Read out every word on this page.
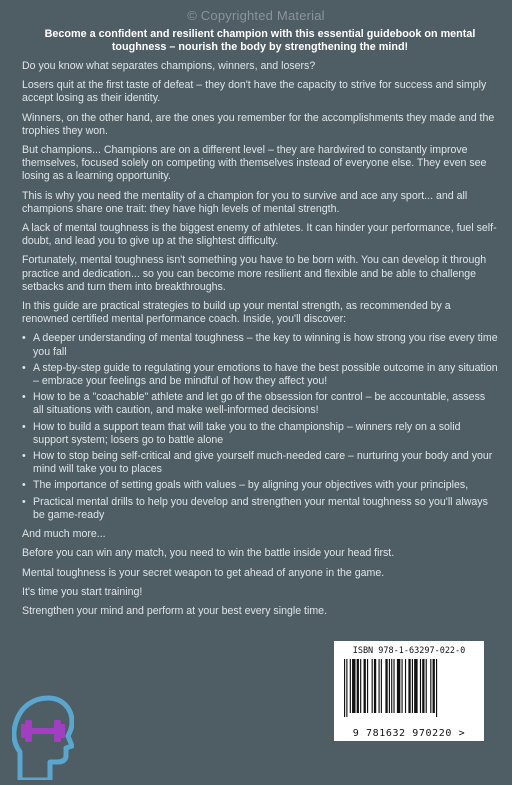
© Copyrighted Material
Become a confident and resilient champion with this essential guidebook on mental toughness – nourish the body by strengthening the mind!

Do you know what separates champions, winners, and losers?

Losers quit at the first taste of defeat – they don't have the capacity to strive for success and simply accept losing as their identity.

Winners, on the other hand, are the ones you remember for the accomplishments they made and the trophies they won.

But champions... Champions are on a different level – they are hardwired to constantly improve themselves, focused solely on competing with themselves instead of everyone else. They even see losing as a learning opportunity.

This is why you need the mentality of a champion for you to survive and ace any sport... and all champions share one trait: they have high levels of mental strength.

A lack of mental toughness is the biggest enemy of athletes. It can hinder your performance, fuel self-doubt, and lead you to give up at the slightest difficulty.

Fortunately, mental toughness isn't something you have to be born with. You can develop it through practice and dedication... so you can become more resilient and flexible and be able to challenge setbacks and turn them into breakthroughs.

In this guide are practical strategies to build up your mental strength, as recommended by a renowned certified mental performance coach. Inside, you'll discover:

• A deeper understanding of mental toughness – the key to winning is how strong you rise every time you fall
• A step-by-step guide to regulating your emotions to have the best possible outcome in any situation – embrace your feelings and be mindful of how they affect you!
• How to be a "coachable" athlete and let go of the obsession for control – be accountable, assess all situations with caution, and make well-informed decisions!
• How to build a support team that will take you to the championship – winners rely on a solid support system; losers go to battle alone
• How to stop being self-critical and give yourself much-needed care – nurturing your body and your mind will take you to places
• The importance of setting goals with values – by aligning your objectives with your principles,
• Practical mental drills to help you develop and strengthen your mental toughness so you'll always be game-ready

And much more...

Before you can win any match, you need to win the battle inside your head first.

Mental toughness is your secret weapon to get ahead of anyone in the game.

It's time you start training!

Strengthen your mind and perform at your best every single time.

ISBN 978-1-63297-022-0
9 781632 970220 >
